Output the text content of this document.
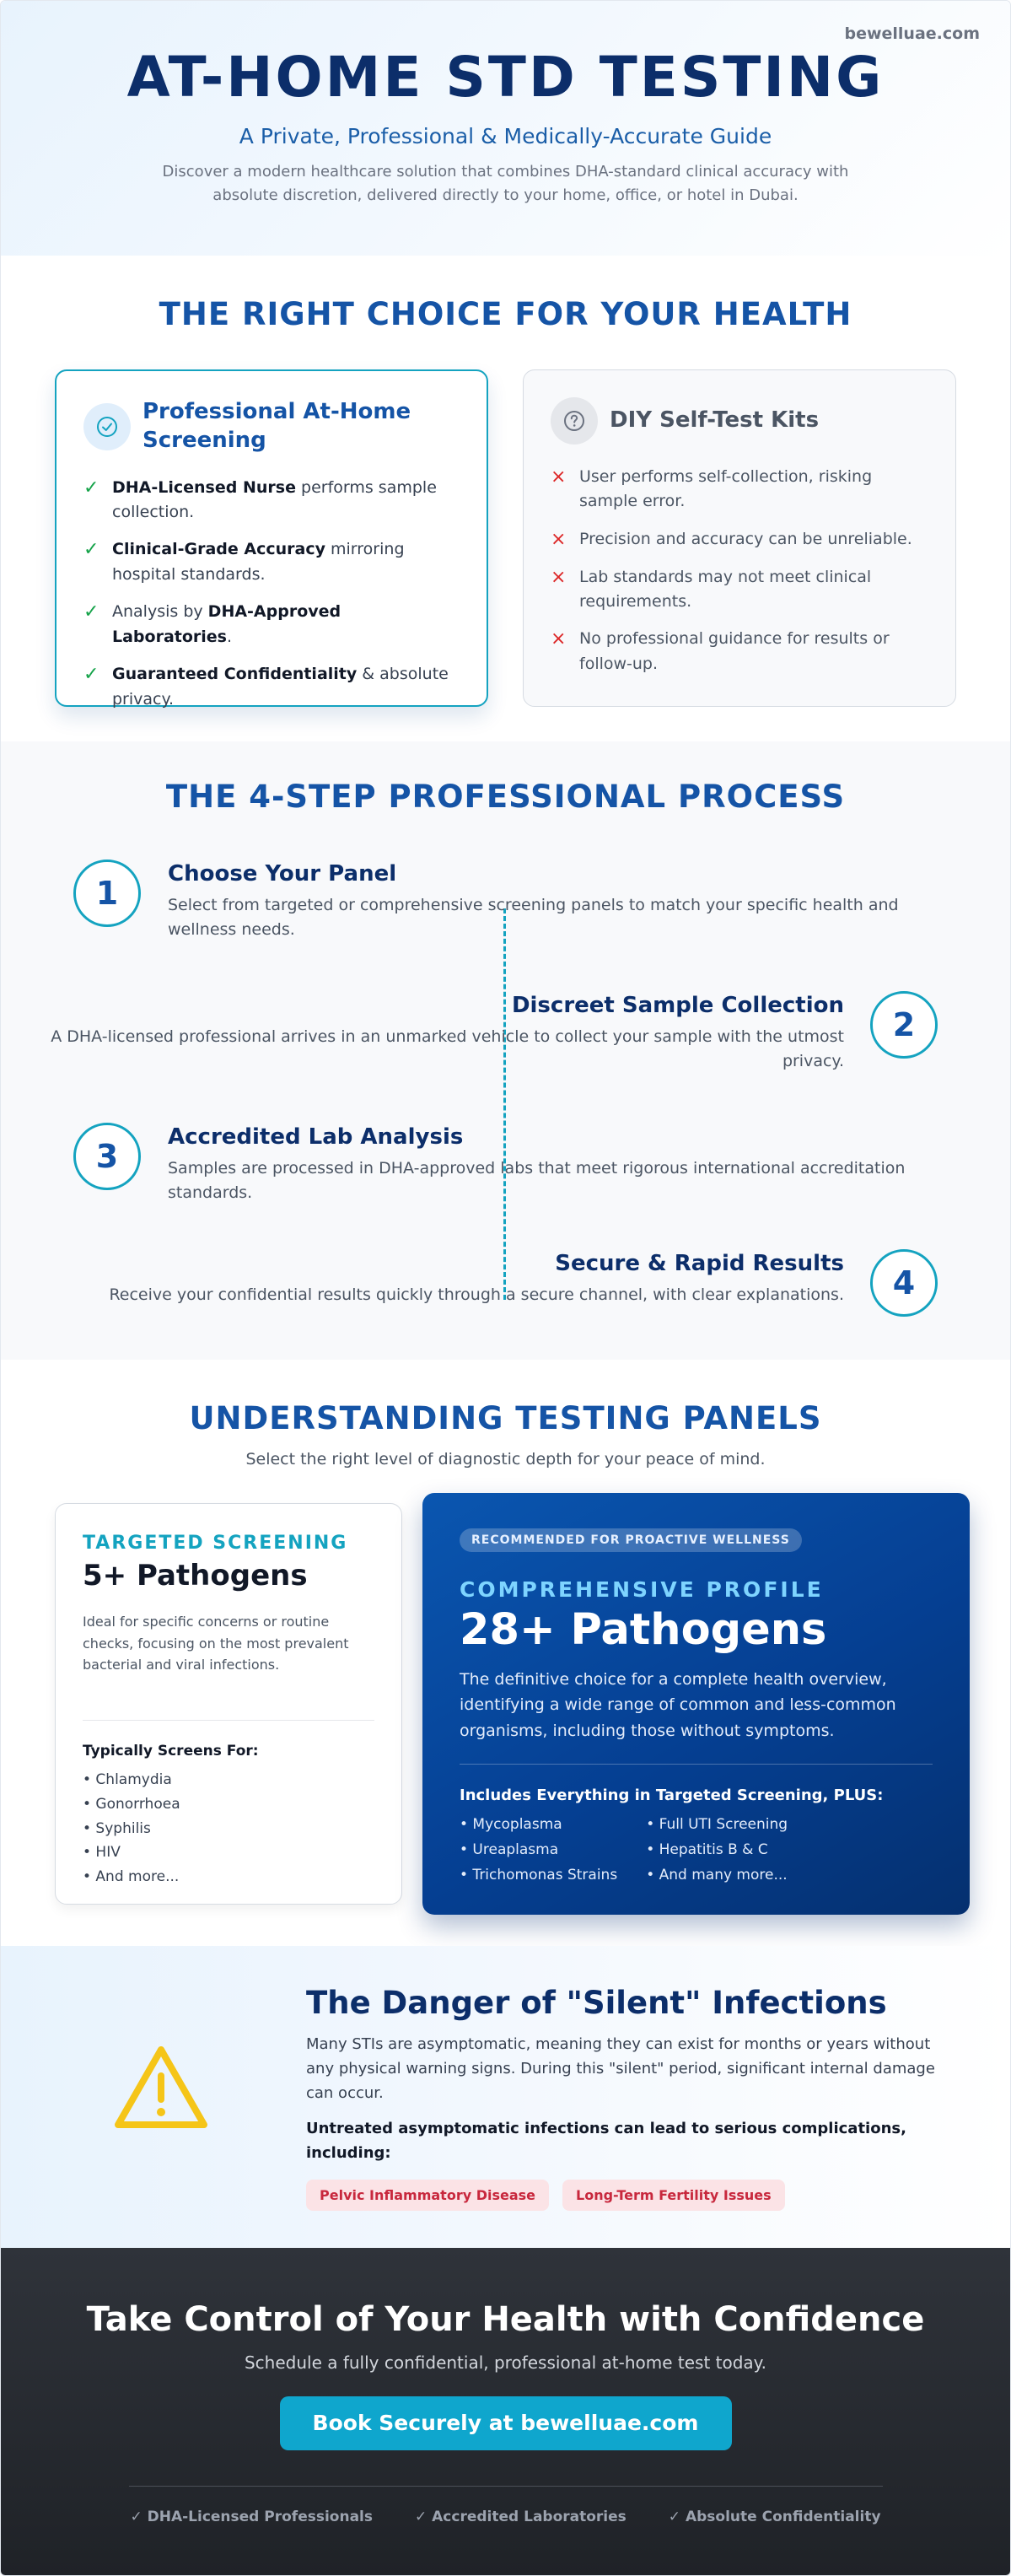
bewelluae.com
AT-HOME STD TESTING
A Private, Professional & Medically-Accurate Guide

Discover a modern healthcare solution that combines DHA-standard clinical accuracy with absolute discretion, delivered directly to your home, office, or hotel in Dubai.

THE RIGHT CHOICE FOR YOUR HEALTH
Professional At-Home Screening
✓ DHA-Licensed Nurse performs sample collection.
✓ Clinical-Grade Accuracy mirroring hospital standards.
✓ Analysis by DHA-Approved Laboratories.
✓ Guaranteed Confidentiality & absolute privacy.
DIY Self-Test Kits
× User performs self-collection, risking sample error.
× Precision and accuracy can be unreliable.
× Lab standards may not meet clinical requirements.
× No professional guidance for results or follow-up.
THE 4-STEP PROFESSIONAL PROCESS
1
Choose Your Panel
Select from targeted or comprehensive screening panels to match your specific health and wellness needs.
2
Discreet Sample Collection
A DHA-licensed professional arrives in an unmarked vehicle to collect your sample with the utmost privacy.
3
Accredited Lab Analysis
Samples are processed in DHA-approved labs that meet rigorous international accreditation standards.
4
Secure & Rapid Results
Receive your confidential results quickly through a secure channel, with clear explanations.
UNDERSTANDING TESTING PANELS
Select the right level of diagnostic depth for your peace of mind.
TARGETED SCREENING
5+ Pathogens
Ideal for specific concerns or routine checks, focusing on the most prevalent bacterial and viral infections.
Typically Screens For:
• Chlamydia
• Gonorrhoea
• Syphilis
• HIV
• And more...
RECOMMENDED FOR PROACTIVE WELLNESS
COMPREHENSIVE PROFILE
28+ Pathogens
The definitive choice for a complete health overview, identifying a wide range of common and less-common organisms, including those without symptoms.
Includes Everything in Targeted Screening, PLUS:
• Mycoplasma
• Ureaplasma
• Trichomonas Strains
• Full UTI Screening
• Hepatitis B & C
• And many more...
The Danger of "Silent" Infections

Many STIs are asymptomatic, meaning they can exist for months or years without any physical warning signs. During this "silent" period, significant internal damage can occur.

Untreated asymptomatic infections can lead to serious complications, including:

Pelvic Inflammatory Disease	Long-Term Fertility Issues
Take Control of Your Health with Confidence
Schedule a fully confidential, professional at-home test today.
Book Securely at bewelluae.com
✓ DHA-Licensed Professionals	✓ Accredited Laboratories	✓ Absolute Confidentiality
